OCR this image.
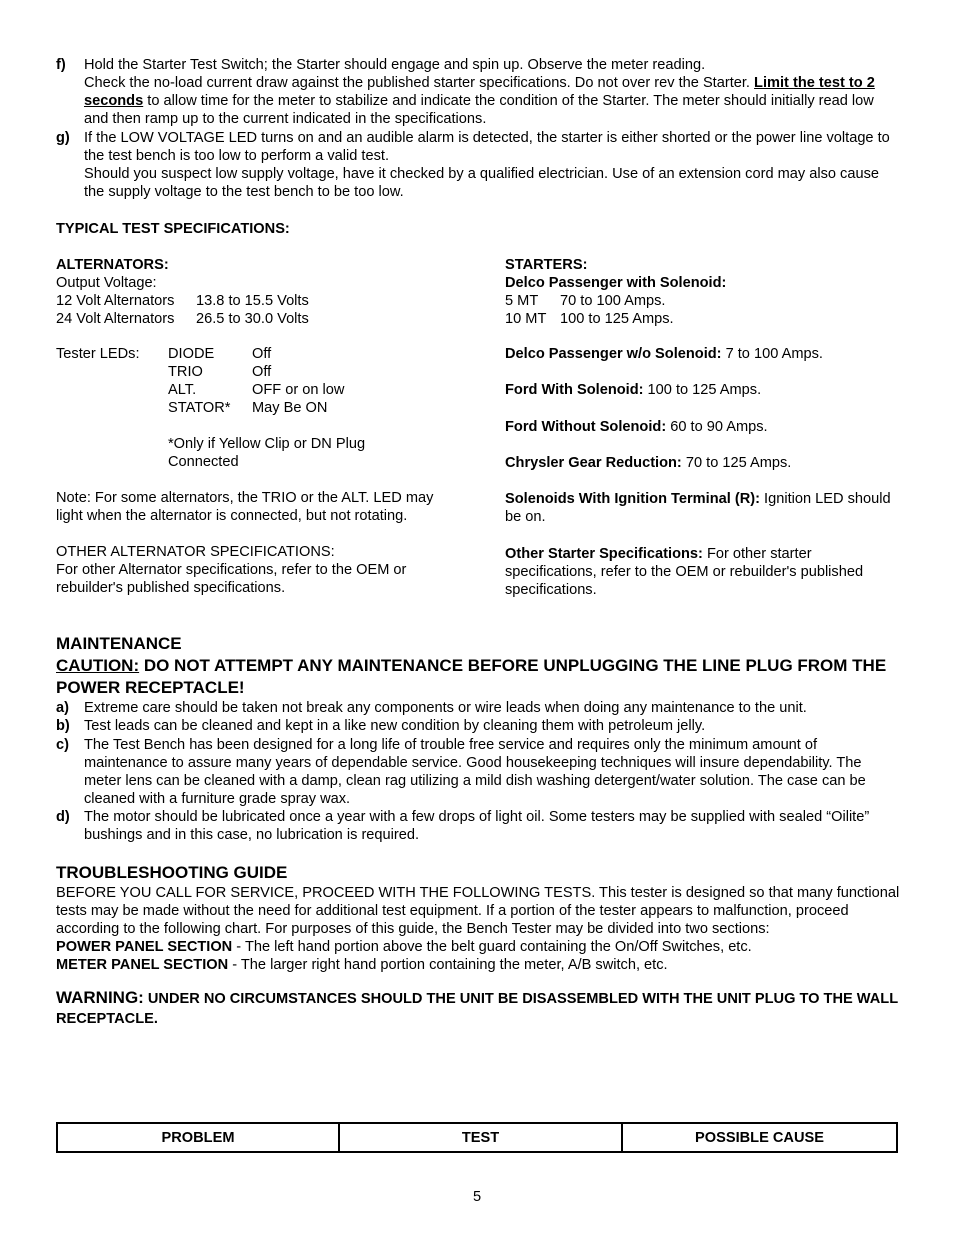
f) Hold the Starter Test Switch; the Starter should engage and spin up. Observe the meter reading.
Check the no-load current draw against the published starter specifications. Do not over rev the Starter. Limit the test to 2 seconds to allow time for the meter to stabilize and indicate the condition of the Starter. The meter should initially read low and then ramp up to the current indicated in the specifications.
g) If the LOW VOLTAGE LED turns on and an audible alarm is detected, the starter is either shorted or the power line voltage to the test bench is too low to perform a valid test.
Should you suspect low supply voltage, have it checked by a qualified electrician. Use of an extension cord may also cause the supply voltage to the test bench to be too low.
TYPICAL TEST SPECIFICATIONS:
ALTERNATORS:
Output Voltage:
12 Volt Alternators 13.8 to 15.5 Volts
24 Volt Alternators 26.5 to 30.0 Volts
Tester LEDs: DIODE	Off
TRIO	Off
ALT.	OFF or on low
STATOR* May Be ON
*Only if Yellow Clip or DN Plug
Connected
Note: For some alternators, the TRIO or the ALT. LED may light when the alternator is connected, but not rotating.
OTHER ALTERNATOR SPECIFICATIONS:
For other Alternator specifications, refer to the OEM or rebuilder's published specifications.
STARTERS:
Delco Passenger with Solenoid:
5 MT 70 to 100 Amps.
10 MT 100 to 125 Amps.
Delco Passenger w/o Solenoid: 7 to 100 Amps.
Ford With Solenoid: 100 to 125 Amps.
Ford Without Solenoid: 60 to 90 Amps.
Chrysler Gear Reduction: 70 to 125 Amps.
Solenoids With Ignition Terminal (R): Ignition LED should be on.
Other Starter Specifications: For other starter specifications, refer to the OEM or rebuilder's published specifications.
MAINTENANCE
CAUTION: DO NOT ATTEMPT ANY MAINTENANCE BEFORE UNPLUGGING THE LINE PLUG FROM THE POWER RECEPTACLE!
a) Extreme care should be taken not break any components or wire leads when doing any maintenance to the unit.
b) Test leads can be cleaned and kept in a like new condition by cleaning them with petroleum jelly.
c) The Test Bench has been designed for a long life of trouble free service and requires only the minimum amount of maintenance to assure many years of dependable service. Good housekeeping techniques will insure dependability. The meter lens can be cleaned with a damp, clean rag utilizing a mild dish washing detergent/water solution. The case can be cleaned with a furniture grade spray wax.
d) The motor should be lubricated once a year with a few drops of light oil. Some testers may be supplied with sealed “Oilite” bushings and in this case, no lubrication is required.
TROUBLESHOOTING GUIDE
BEFORE YOU CALL FOR SERVICE, PROCEED WITH THE FOLLOWING TESTS. This tester is designed so that many functional tests may be made without the need for additional test equipment. If a portion of the tester appears to malfunction, proceed according to the following chart. For purposes of this guide, the Bench Tester may be divided into two sections:
POWER PANEL SECTION - The left hand portion above the belt guard containing the On/Off Switches, etc.
METER PANEL SECTION - The larger right hand portion containing the meter, A/B switch, etc.
WARNING: UNDER NO CIRCUMSTANCES SHOULD THE UNIT BE DISASSEMBLED WITH THE UNIT PLUG TO THE WALL RECEPTACLE.
PROBLEM	TEST	POSSIBLE CAUSE
5
